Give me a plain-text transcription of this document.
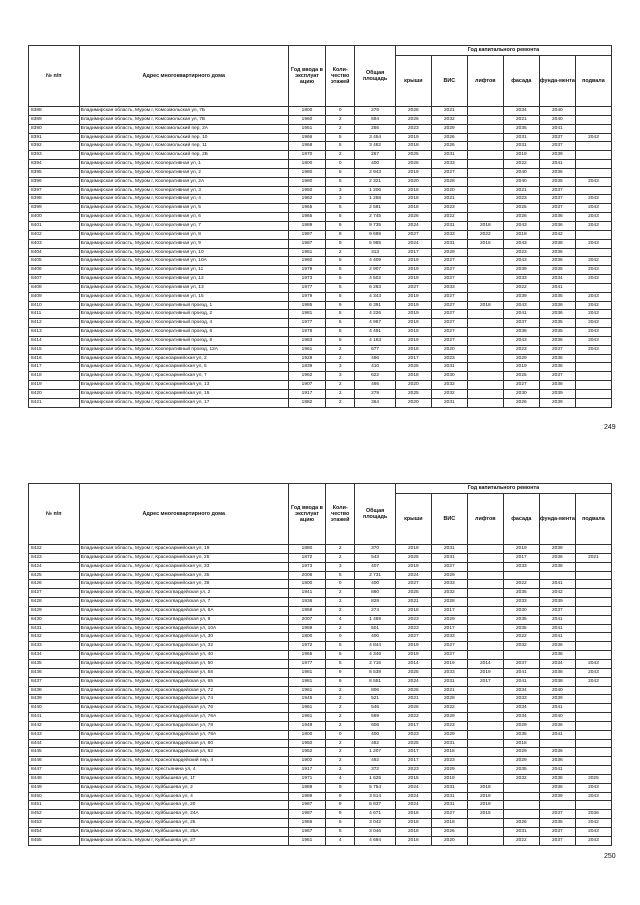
№ п/п	Адрес многоквартирного дома	Год ввода в эксплуат ацию	Коли-чество этажей	Общая площадь	Год капитального ремонта					
					крыши	ВИС	лифтов	фасада	фунда-мента	подвала
8388	Владимирская область, Муром г, Комсомольская ул, 7Б	1800	0	276	2026	2021		2034	2040	
8389	Владимирская область, Муром г, Комсомольская ул, 7В	1960	2	594	2026	2032		2021	2040	
8390	Владимирская область, Муром г, Комсомольский пер, 2А	1951	2	256	2023	2029		2035	2041	
8391	Владимирская область, Муром г, Комсомольский пер, 10	1966	5	3 454	2019	2026		2031	2037	2043
8392	Владимирская область, Муром г, Комсомольский пер, 11	1968	5	3 482	2018	2026		2031	2037	
8393	Владимирская область, Муром г, Комсомольский пер, 2Б	1870	2	267	2025	2031		2019	2039	
8394	Владимирская область, Муром г, Кооперативная ул, 1	1800	0	400	2026	2033		2022	2041	
8395	Владимирская область, Муром г, Кооперативная ул, 2	1980	5	2 943	2019	2027		2040	2036	
8396	Владимирская область, Муром г, Кооперативная ул, 2А	1980	5	2 321	2020	2028		2040	2035	2043
8397	Владимирская область, Муром г, Кооперативная ул, 3	1950	3	1 206	2018	2020		2021	2037	
8398	Владимирская область, Муром г, Кооперативная ул, 4	1962	3	1 258	2018	2021		2023	2037	2043
8399	Владимирская область, Муром г, Кооперативная ул, 5	1965	5	2 581	2018	2023		2025	2037	2043
8400	Владимирская область, Муром г, Кооперативная ул, 6	1965	5	2 745	2026	2022		2026	2036	2043
8401	Владимирская область, Муром г, Кооперативная ул, 7	1989	9	9 735	2024	2031	2018	2043	2036	2043
8402	Владимирская область, Муром г, Кооперативная ул, 8	1987	9	9 689	2027	2033	2022	2018	2042	
8403	Владимирская область, Муром г, Кооперативная ул, 9	1987	9	5 985	2024	2031	2016	2043	2038	2043
8404	Владимирская область, Муром г, Кооперативная ул, 10	1951	2	313	2017	2029		2023	2036	
8405	Владимирская область, Муром г, Кооперативная ул, 10А	1960	5	4 409	2019	2027		2043	2036	2042
8406	Владимирская область, Муром г, Кооперативная ул, 11	1979	5	2 907	2019	2027		2039	2035	2043
8407	Владимирская область, Муром г, Кооперативная ул, 12	1973	5	4 502	2019	2027		2033	2034	2043
8408	Владимирская область, Муром г, Кооперативная ул, 13	1977	5	6 263	2027	2033		2022	2041	
8409	Владимирская область, Муром г, Кооперативная ул, 15	1979	5	4 343	2019	2027		2039	2035	2043
8410	Владимирская область, Муром г, Кооперативный проезд, 1	1985	9	6 391	2019	2027	2018	2043	2036	2042
8411	Владимирская область, Муром г, Кооперативный проезд, 2	1981	5	4 226	2019	2027		2041	2036	2043
8412	Владимирская область, Муром г, Кооперативный проезд, 4	1977	5	4 967	2019	2027		2037	2035	2043
8413	Владимирская область, Муром г, Кооперативный проезд, 6	1978	5	4 491	2019	2027		2038	2035	2043
8414	Владимирская область, Муром г, Кооперативный проезд, 8	1983	5	4 183	2019	2027		2043	2036	2043
8415	Владимирская область, Муром г, Кооперативный проезд, 12А	1961	2	677	2018	2020		2023	2037	2043
8416	Владимирская область, Муром г, Красноармейская ул, 2	1928	2	496	2017	2023		2029	2036	
8417	Владимирская область, Муром г, Красноармейская ул, 5	1839	3	410	2025	2031		2019	2036	
8418	Владимирская область, Муром г, Красноармейская ул, 7	1962	3	622	2018	2030		2025	2037	
8419	Владимирская область, Муром г, Красноармейская ул, 13	1907	2	466	2020	2032		2027	2038	
8420	Владимирская область, Муром г, Красноармейская ул, 15	1917	2	279	2025	2032		2030	2039	
8421	Владимирская область, Муром г, Красноармейская ул, 17	1882	2	364	2020	2031		2026	2039	
249
№ п/п	Адрес многоквартирного дома	Год ввода в эксплуат ацию	Коли-чество этажей	Общая площадь	Год капитального ремонта					
					крыши	ВИС	лифтов	фасада	фунда-мента	подвала
8422	Владимирская область, Муром г, Красноармейская ул, 19	1880	2	370	2018	2031		2019	2038	
8423	Владимирская область, Муром г, Красноармейская ул, 25	1872	2	543	2025	2031		2017	2036	2021
8424	Владимирская область, Муром г, Красноармейская ул, 33	1973	3	407	2019	2027		2033	2038	
8425	Владимирская область, Муром г, Красноармейская ул, 35	2006	5	2 731	2024	2029				
8426	Владимирская область, Муром г, Красноармейская ул, 38	1800	0	400	2027	2033		2022	2041	
8427	Владимирская область, Муром г, Красногвардейская ул, 2	1941	2	860	2025	2032		2035	2042	
8428	Владимирская область, Муром г, Красногвардейская ул, 7	1936	2	828	2021	2028		2033	2039	
8429	Владимирская область, Муром г, Красногвардейская ул, 8А	1958	2	274	2018	2017		2030	2037	
8430	Владимирская область, Муром г, Красногвардейская ул, 9	2007	4	1 469	2023	2029		2035	2041	
8431	Владимирская область, Муром г, Красногвардейская ул, 10А	1959	2	501	2023	2017		2035	2041	
8432	Владимирская область, Муром г, Красногвардейская ул, 30	1800	0	400	2027	2033		2022	2041	
8433	Владимирская область, Муром г, Красногвардейская ул, 32	1972	5	4 844	2019	2027		2032	2036	
8434	Владимирская область, Муром г, Красногвардейская ул, 40	1965	5	4 346	2019	2027			2036	
8435	Владимирская область, Муром г, Красногвардейская ул, 50	1977	5	2 716	2014	2019	2014	2037	2034	2043
8436	Владимирская область, Муром г, Красногвардейская ул, 58	1981	9	8 538	2025	2033	2019	2041	2038	2043
8437	Владимирская область, Муром г, Красногвардейская ул, 65	1981	9	8 551	2024	2031	2017	2041	2038	2043
8438	Владимирская область, Муром г, Красногвардейская ул, 72	1961	2	806	2026	2021		2034	2040	
8439	Владимирская область, Муром г, Красногвардейская ул, 74	1945	2	521	2021	2028		2033	2039	
8440	Владимирская область, Муром г, Красногвардейская ул, 76	1961	2	546	2026	2022		2034	2041	
8441	Владимирская область, Муром г, Красногвардейская ул, 76А	1961	2	599	2022	2029		2034	2040	
8442	Владимирская область, Муром г, Красногвардейская ул, 78	1948	2	606	2017	2023		2029	2036	
8443	Владимирская область, Муром г, Красногвардейская ул, 78А	1800	0	400	2023	2029		2035	2041	
8444	Владимирская область, Муром г, Красногвардейская ул, 80	1950	2	482	2025	2031		2018		
8445	Владимирская область, Муром г, Красногвардейская ул, 82	1952	2	1 207	2017	2018		2029	2036	
8446	Владимирская область, Муром г, Красногвардейский пер, 4	1902	2	492	2017	2023		2029	2036	
8447	Владимирская область, Муром г, Крестьянина ул, 4	1917	2	372	2023	2029		2035	2041	
8448	Владимирская область, Муром г, Куйбышева ул, 1Г	1971	4	1 625	2015	2019		2032	2038	2025
8449	Владимирская область, Муром г, Куйбышева ул, 2	1989	9	5 754	2024	2031	2018		2036	2043
8450	Владимирская область, Муром г, Куйбышева ул, 4	1989	9	3 514	2024	2031	2018		2039	2043
8451	Владимирская область, Муром г, Куйбышева ул, 20	1987	9	5 837	2024	2031	2018			
8452	Владимирская область, Муром г, Куйбышева ул, 24А	1987	9	4 671	2016	2027	2015		2037	2036
8453	Владимирская область, Муром г, Куйбышева ул, 25	1966	5	3 042	2018	2018		2026	2035	2042
8454	Владимирская область, Муром г, Куйбышева ул, 25А	1967	5	3 046	2018	2026		2031	2037	2043
8455	Владимирская область, Муром г, Куйбышева ул, 27	1961	4	4 694	2018	2020		2022	2037	2043
250
